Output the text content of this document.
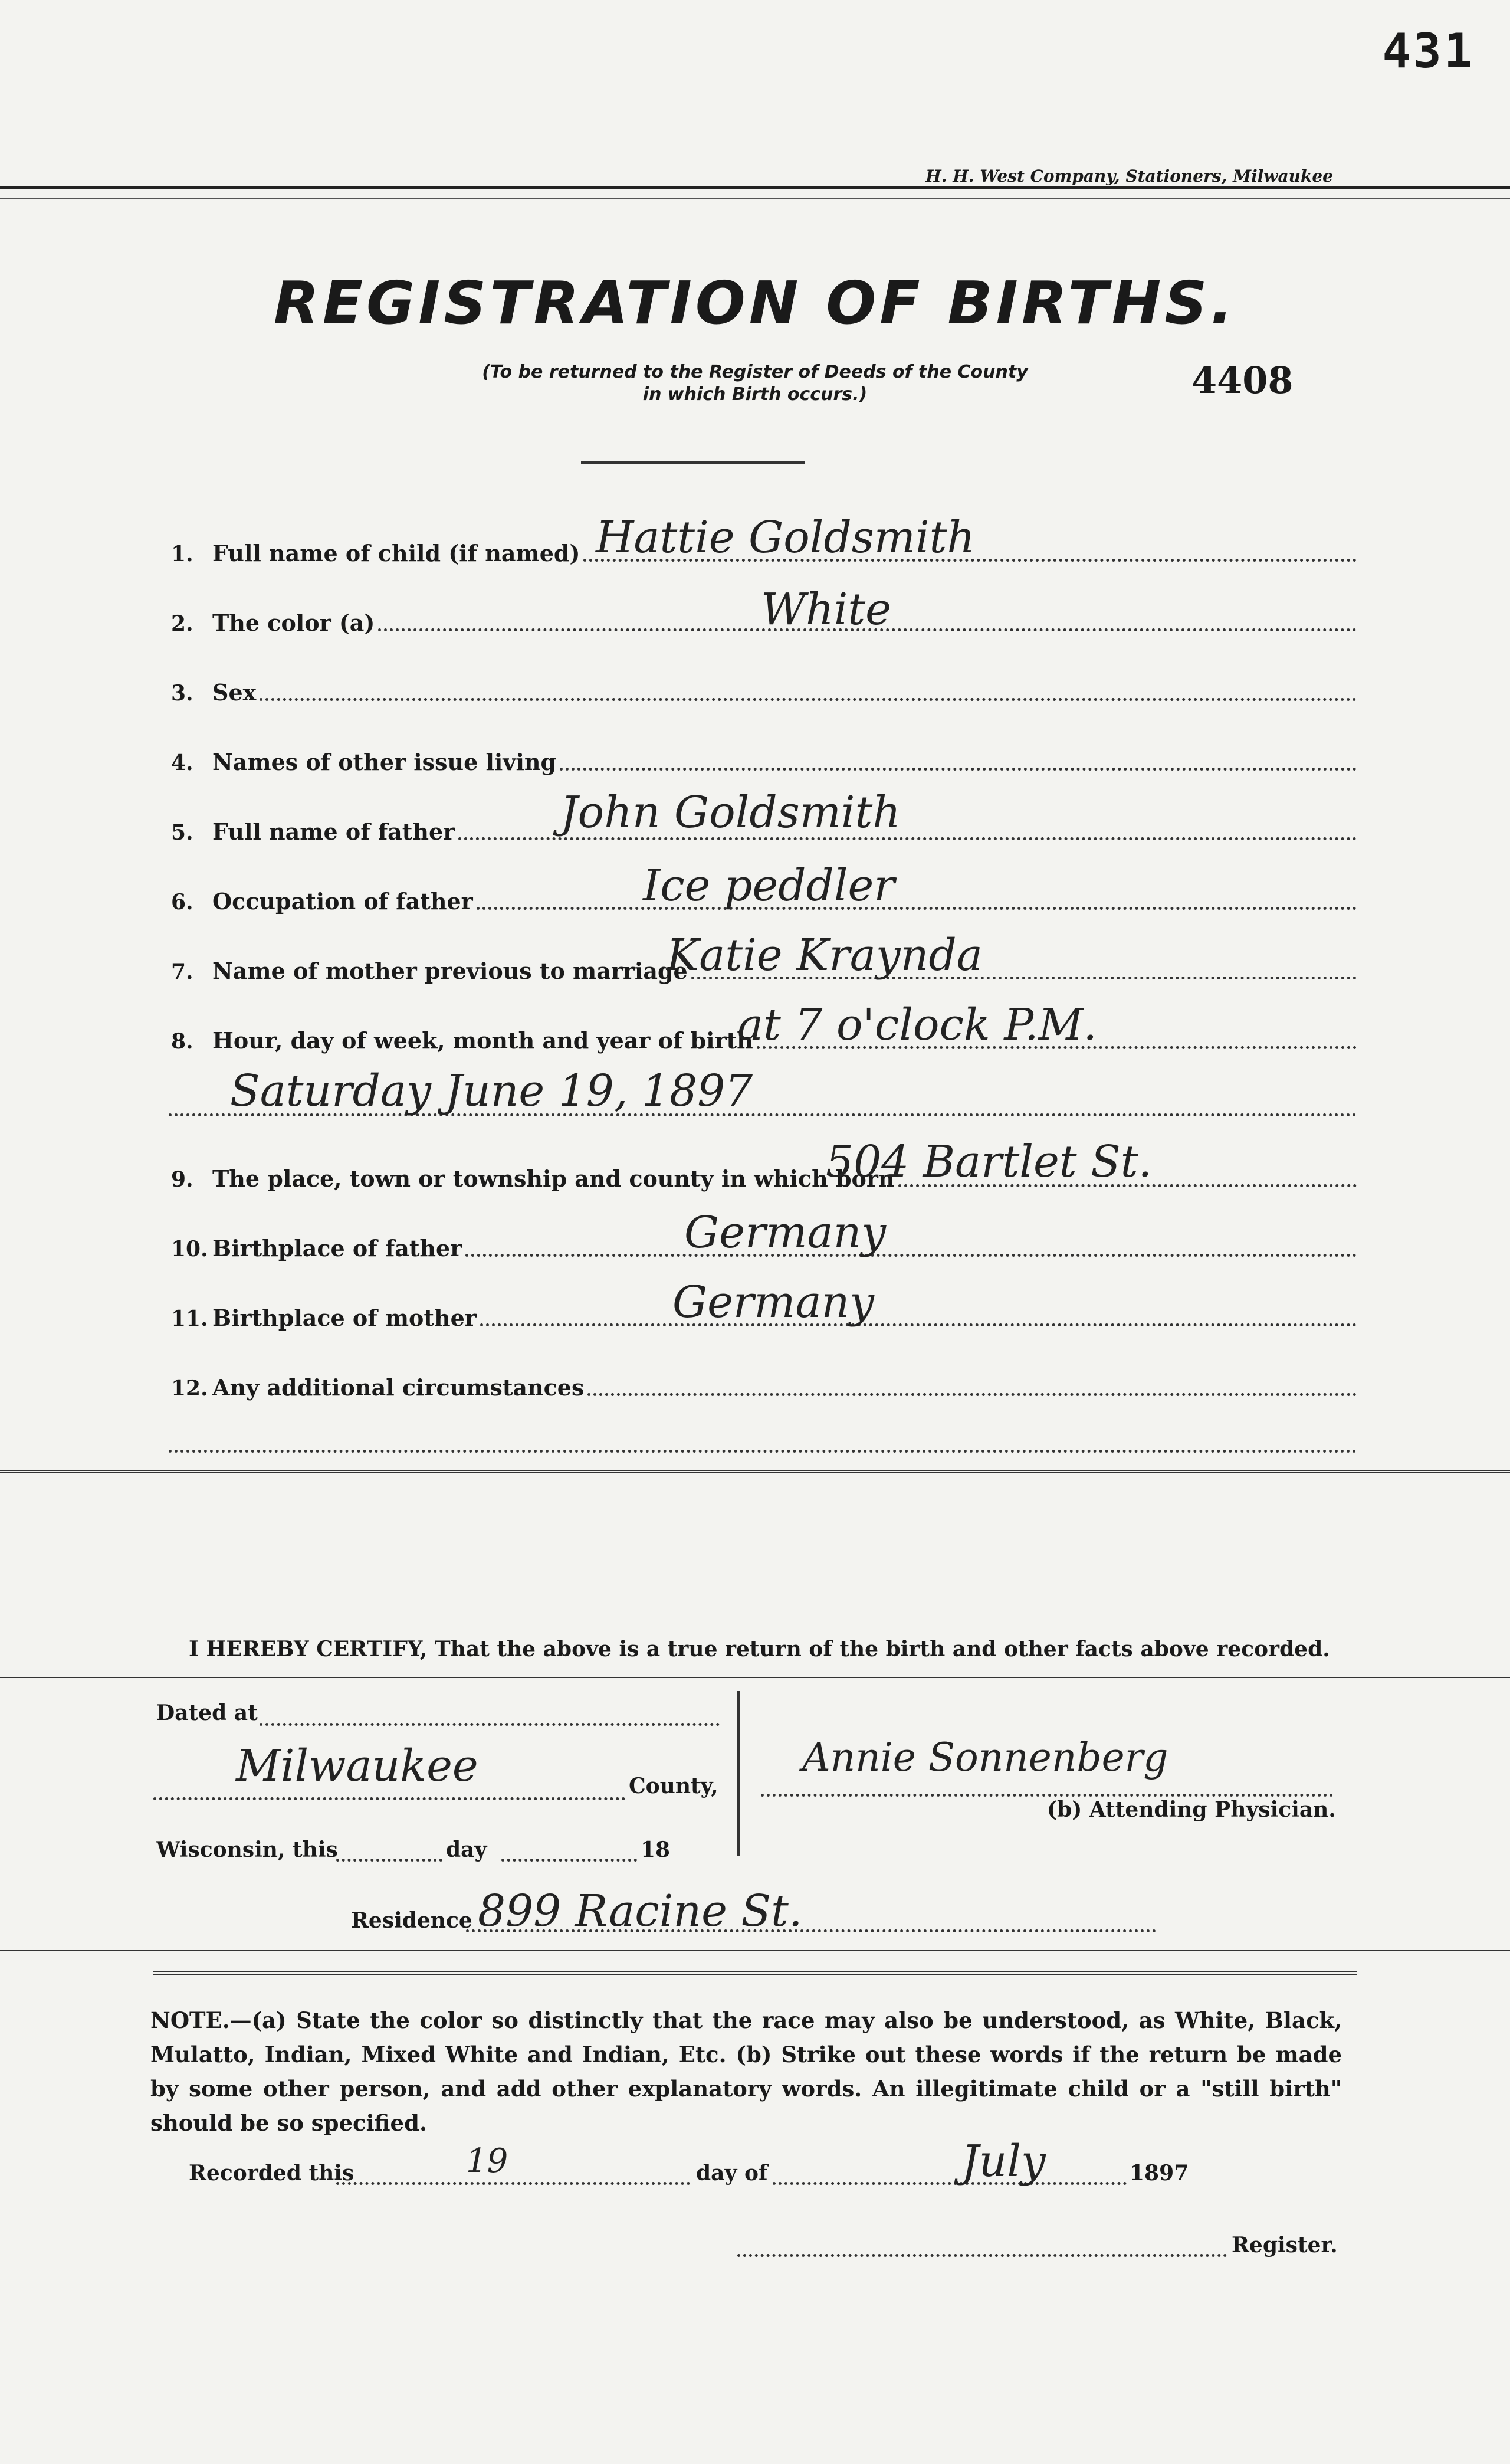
431
H. H. West Company, Stationers, Milwaukee
REGISTRATION OF BIRTHS.
(To be returned to the Register of Deeds of the County
in which Birth occurs.)	4408
1. Full name of child (if named) Hattie Goldsmith
2. The color (a)	White
3. Sex
4. Names of other issue living
5. Full name of father John Goldsmith
6. Occupation of father	Ice peddler
7. Name of mother previous to marriage
Katie Kraynda
8. Hour, day of week, month and year of birth
at 7 o'clock P.M.
Saturday June 19, 1897
9. The place, town or township and county in which born
504 Bartlet St.
10. Birthplace of father	Germany
11. Birthplace of mother	Germany
12. Any additional circumstances
I HEREBY CERTIFY, That the above is a true return of the birth and other facts above recorded.
Dated at
Milwaukee	County,
Wisconsin, this	day	18
Annie Sonnenberg
(b) Attending Physician.
Residence 899 Racine St.
NOTE.—(a) State the color so distinctly that the race may also be understood, as White, Black, Mulatto, Indian, Mixed White and Indian, Etc. (b) Strike out these words if the return be made by some other person, and add other explanatory words. An illegitimate child or a "still birth" should be so specified.
Recorded this	19	day of	July	1897
Register.
